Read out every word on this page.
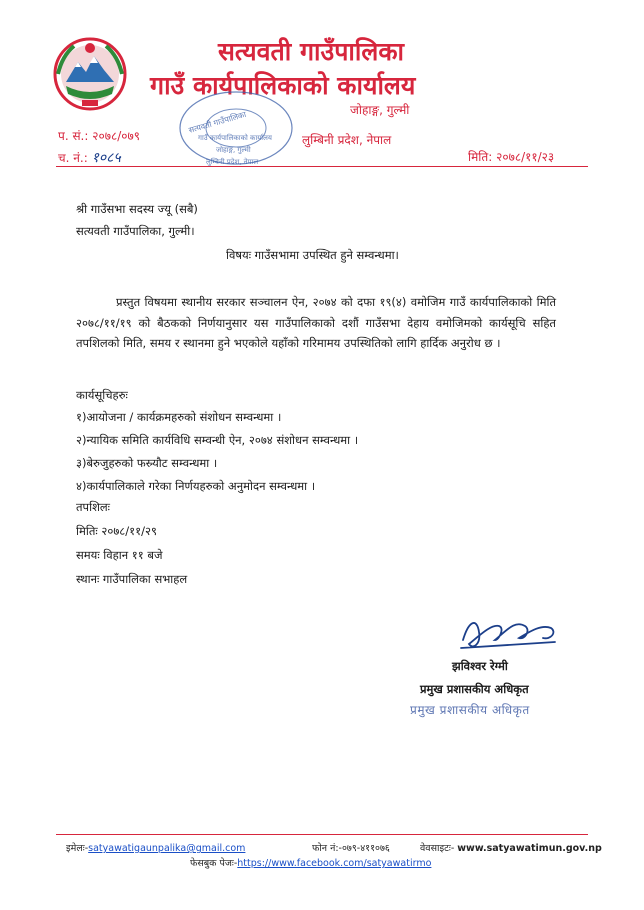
सत्यवती गाउँपालिका
गाउँ कार्यपालिकाको कार्यालय
जोहाङ्ग, गुल्मी
लुम्बिनी प्रदेश, नेपाल
सत्यवती गाउँपालिका
गाउँ कार्यपालिकाको कार्यालय
जोहाङ्ग, गुल्मी
लुम्बिनी प्रदेश, नेपाल
प. सं.: २०७८/०७९
च. नं.: १०८५	मिति: २०७८/११/२३
श्री गाउँसभा सदस्य ज्यू (सबै)
सत्यवती गाउँपालिका, गुल्मी।
विषयः गाउँसभामा उपस्थित हुने सम्वन्धमा।
प्रस्तुत विषयमा स्थानीय सरकार सञ्चालन ऐन, २०७४ को दफा १९(४) वमोजिम गाउँ कार्यपालिकाको मिति २०७८/११/१९ को बैठकको निर्णयानुसार यस गाउँपालिकाको दशौं गाउँसभा देहाय वमोजिमको कार्यसूचि सहित तपशिलको मिति, समय र स्थानमा हुने भएकोले यहाँको गरिमामय उपस्थितिको लागि हार्दिक अनुरोध छ ।
कार्यसूचिहरुः
१)आयोजना / कार्यक्रमहरुको संशोधन सम्वन्धमा ।
२)न्यायिक समिति कार्यविधि सम्वन्धी ऐन, २०७४ संशोधन सम्वन्धमा ।
३)बेरुजुहरुको फस्र्यौट सम्वन्धमा ।
४)कार्यपालिकाले गरेका निर्णयहरुको अनुमोदन सम्वन्धमा ।
तपशिलः
मितिः २०७८/११/२९
समयः विहान ११ बजे
स्थानः गाउँपालिका सभाहल
झविश्वर रेग्मी
प्रमुख प्रशासकीय अधिकृत
प्रमुख प्रशासकीय अधिकृत
इमेलः-satyawatigaunpalika@gmail.com	फोन नं:-०७९-४११०७६	वेवसाइटः- www.satyawatimun.gov.np
फेसबुक पेजः-https://www.facebook.com/satyawatirmo
